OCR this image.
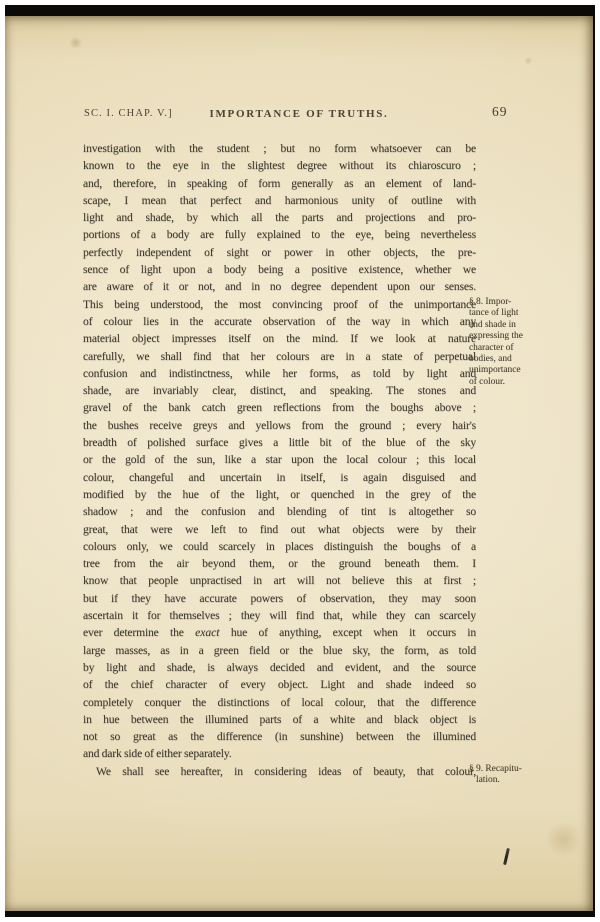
SC. I. CHAP. V.]	IMPORTANCE OF TRUTHS.	69
investigation with the student ; but no form whatsoever can be
known to the eye in the slightest degree without its chiaroscuro ;
and, therefore, in speaking of form generally as an element of land-
scape, I mean that perfect and harmonious unity of outline with
light and shade, by which all the parts and projections and pro-
portions of a body are fully explained to the eye, being nevertheless
perfectly independent of sight or power in other objects, the pre-
sence of light upon a body being a positive existence, whether we
are aware of it or not, and in no degree dependent upon our senses.
This being understood, the most convincing proof of the unimportance
of colour lies in the accurate observation of the way in which any
material object impresses itself on the mind. If we look at nature
carefully, we shall find that her colours are in a state of perpetual
confusion and indistinctness, while her forms, as told by light and
shade, are invariably clear, distinct, and speaking. The stones and
gravel of the bank catch green reflections from the boughs above ;
the bushes receive greys and yellows from the ground ; every hair's
breadth of polished surface gives a little bit of the blue of the sky
or the gold of the sun, like a star upon the local colour ; this local
colour, changeful and uncertain in itself, is again disguised and
modified by the hue of the light, or quenched in the grey of the
shadow ; and the confusion and blending of tint is altogether so
great, that were we left to find out what objects were by their
colours only, we could scarcely in places distinguish the boughs of a
tree from the air beyond them, or the ground beneath them. I
know that people unpractised in art will not believe this at first ;
but if they have accurate powers of observation, they may soon
ascertain it for themselves ; they will find that, while they can scarcely
ever determine the exact hue of anything, except when it occurs in
large masses, as in a green field or the blue sky, the form, as told
by light and shade, is always decided and evident, and the source
of the chief character of every object. Light and shade indeed so
completely conquer the distinctions of local colour, that the difference
in hue between the illumined parts of a white and black object is
not so great as the difference (in sunshine) between the illumined
and dark side of either separately.
We shall see hereafter, in considering ideas of beauty, that colour,
§ 8. Impor-
tance of light
and shade in
expressing the
character of
bodies, and
unimportance
of colour.
§ 9. Recapitu-
lation.
